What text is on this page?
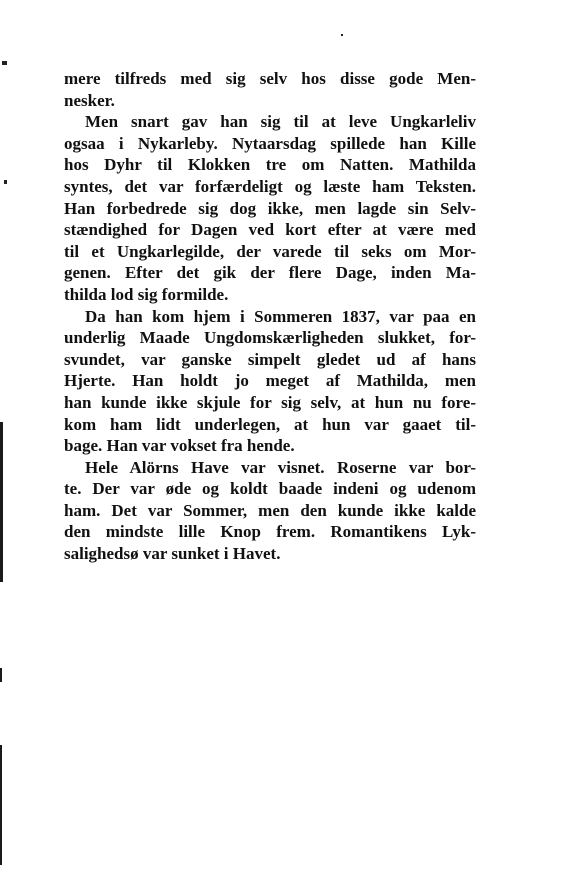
mere tilfreds med sig selv hos disse gode Men-
nesker.
Men snart gav han sig til at leve Ungkarleliv
ogsaa i Nykarleby. Nytaarsdag spillede han Kille
hos Dyhr til Klokken tre om Natten. Mathilda
syntes, det var forfærdeligt og læste ham Teksten.
Han forbedrede sig dog ikke, men lagde sin Selv-
stændighed for Dagen ved kort efter at være med
til et Ungkarlegilde, der varede til seks om Mor-
genen. Efter det gik der flere Dage, inden Ma-
thilda lod sig formilde.
Da han kom hjem i Sommeren 1837, var paa en
underlig Maade Ungdomskærligheden slukket, for-
svundet, var ganske simpelt gledet ud af hans
Hjerte. Han holdt jo meget af Mathilda, men
han kunde ikke skjule for sig selv, at hun nu fore-
kom ham lidt underlegen, at hun var gaaet til-
bage. Han var vokset fra hende.
Hele Alörns Have var visnet. Roserne var bor-
te. Der var øde og koldt baade indeni og udenom
ham. Det var Sommer, men den kunde ikke kalde
den mindste lille Knop frem. Romantikens Lyk-
salighedsø var sunket i Havet.
